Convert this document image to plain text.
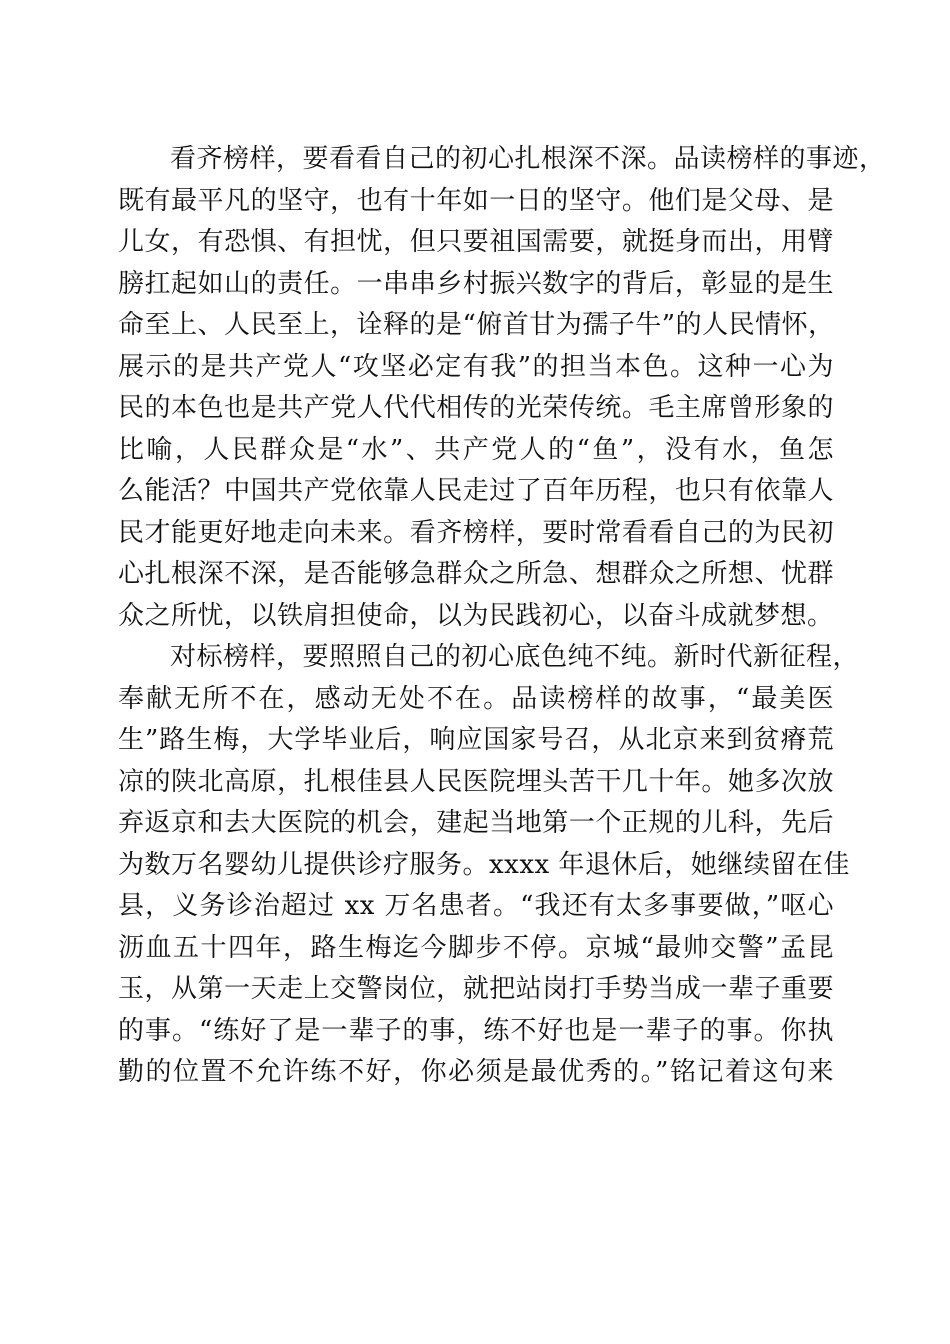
看齐榜样，要看看自己的初心扎根深不深。品读榜样的事迹，
既有最平凡的坚守，也有十年如一日的坚守。他们是父母、是
儿女，有恐惧、有担忧，但只要祖国需要，就挺身而出，用臂
膀扛起如山的责任。一串串乡村振兴数字的背后，彰显的是生
命至上、人民至上，诠释的是“俯首甘为孺子牛”的人民情怀，
展示的是共产党人“攻坚必定有我”的担当本色。这种一心为
民的本色也是共产党人代代相传的光荣传统。毛主席曾形象的
比喻，人民群众是“水”、共产党人的“鱼”，没有水，鱼怎
么能活？中国共产党依靠人民走过了百年历程，也只有依靠人
民才能更好地走向未来。看齐榜样，要时常看看自己的为民初
心扎根深不深，是否能够急群众之所急、想群众之所想、忧群
众之所忧，以铁肩担使命，以为民践初心，以奋斗成就梦想。
对标榜样，要照照自己的初心底色纯不纯。新时代新征程，
奉献无所不在，感动无处不在。品读榜样的故事，“最美医
生”路生梅，大学毕业后，响应国家号召，从北京来到贫瘠荒
凉的陕北高原，扎根佳县人民医院埋头苦干几十年。她多次放
弃返京和去大医院的机会，建起当地第一个正规的儿科，先后
为数万名婴幼儿提供诊疗服务。xxxx 年退休后，她继续留在佳
县，义务诊治超过 xx 万名患者。“我还有太多事要做，”呕心
沥血五十四年，路生梅迄今脚步不停。京城“最帅交警”孟昆
玉，从第一天走上交警岗位，就把站岗打手势当成一辈子重要
的事。“练好了是一辈子的事，练不好也是一辈子的事。你执
勤的位置不允许练不好，你必须是最优秀的。”铭记着这句来
